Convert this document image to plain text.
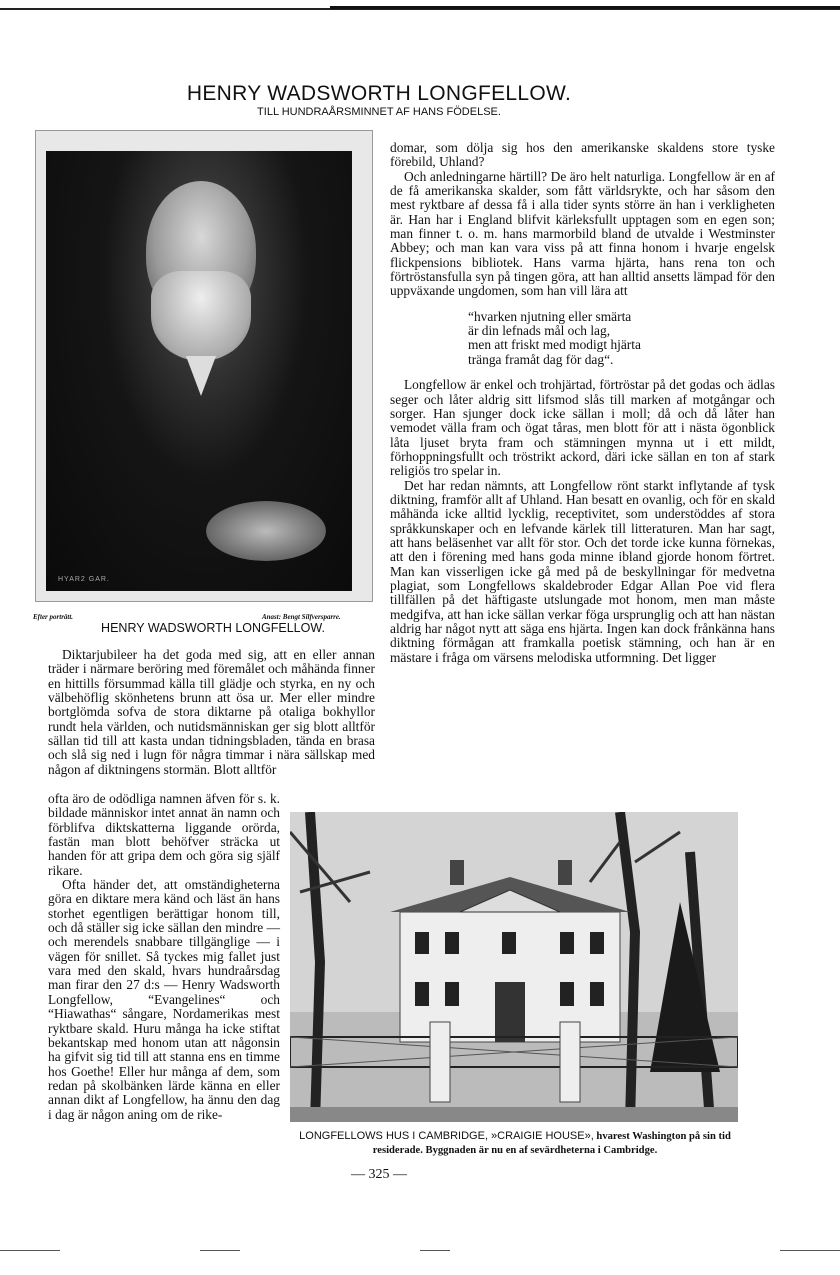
HENRY WADSWORTH LONGFELLOW.
TILL HUNDRAÅRSMINNET AF HANS FÖDELSE.
HYAR2 GAR.
Efter porträtt.	Anast: Bengt Silfversparre.
HENRY WADSWORTH LONGFELLOW.

Diktarjubileer ha det goda med sig, att en eller annan träder i närmare beröring med föremålet och måhända finner en hittills försummad källa till glädje och styrka, en ny och välbehöflig skönhetens brunn att ösa ur. Mer eller mindre bortglömda sofva de stora diktarne på otaliga bokhyllor rundt hela världen, och nutidsmänniskan ger sig blott alltför sällan tid till att kasta undan tidningsbladen, tända en brasa och slå sig ned i lugn för några timmar i nära sällskap med någon af diktningens stormän. Blott alltför

ofta äro de odödliga namnen äfven för s. k. bildade människor intet annat än namn och förblifva diktskatterna liggande orörda, fastän man blott behöfver sträcka ut handen för att gripa dem och göra sig själf rikare.

Ofta händer det, att omständigheterna göra en diktare mera känd och läst än hans storhet egentligen berättigar honom till, och då ställer sig icke sällan den mindre — och merendels snabbare tillgänglige — i vägen för snillet. Så tyckes mig fallet just vara med den skald, hvars hundraårsdag man firar den 27 d:s — Henry Wadsworth Longfellow, “Evangelines“ och “Hiawathas“ sångare, Nordamerikas mest ryktbare skald. Huru många ha icke stiftat bekantskap med honom utan att någonsin ha gifvit sig tid till att stanna ens en timme hos Goethe! Eller hur många af dem, som redan på skolbänken lärde känna en eller annan dikt af Longfellow, ha ännu den dag i dag är någon aning om de rike-

domar, som dölja sig hos den amerikanske skaldens store tyske förebild, Uhland?

Och anledningarne härtill? De äro helt naturliga. Longfellow är en af de få amerikanska skalder, som fått världsrykte, och har såsom den mest ryktbare af dessa få i alla tider synts större än han i verkligheten är. Han har i England blifvit kärleksfullt upptagen som en egen son; man finner t. o. m. hans marmorbild bland de utvalde i Westminster Abbey; och man kan vara viss på att finna honom i hvarje engelsk flickpensions bibliotek. Hans varma hjärta, hans rena ton och förtröstansfulla syn på tingen göra, att han alltid ansetts lämpad för den uppväxande ungdomen, som han vill lära att

“hvarken njutning eller smärta
är din lefnads mål och lag,
men att friskt med modigt hjärta
tränga framåt dag för dag“.

Longfellow är enkel och trohjärtad, förtröstar på det godas och ädlas seger och låter aldrig sitt lifsmod slås till marken af motgångar och sorger. Han sjunger dock icke sällan i moll; då och då låter han vemodet välla fram och ögat tåras, men blott för att i nästa ögonblick låta ljuset bryta fram och stämningen mynna ut i ett mildt, förhoppningsfullt och tröstrikt ackord, däri icke sällan en ton af stark religiös tro spelar in.

Det har redan nämnts, att Longfellow rönt starkt inflytande af tysk diktning, framför allt af Uhland. Han besatt en ovanlig, och för en skald måhända icke alltid lycklig, receptivitet, som understöddes af stora språkkunskaper och en lefvande kärlek till litteraturen. Man har sagt, att hans beläsenhet var allt för stor. Och det torde icke kunna förnekas, att den i förening med hans goda minne ibland gjorde honom förtret. Man kan visserligen icke gå med på de beskyllningar för medvetna plagiat, som Longfellows skaldebroder Edgar Allan Poe vid flera tillfällen på det häftigaste utslungade mot honom, men man måste medgifva, att han icke sällan verkar föga ursprunglig och att han nästan aldrig har något nytt att säga ens hjärta. Ingen kan dock frånkänna hans diktning förmågan att framkalla poetisk stämning, och han är en mästare i fråga om värsens melodiska utformning. Det ligger

LONGFELLOWS HUS I CAMBRIDGE, »CRAIGIE HOUSE», hvarest Washington på sin tid residerade. Byggnaden är nu en af sevärdheterna i Cambridge.
— 325 —
